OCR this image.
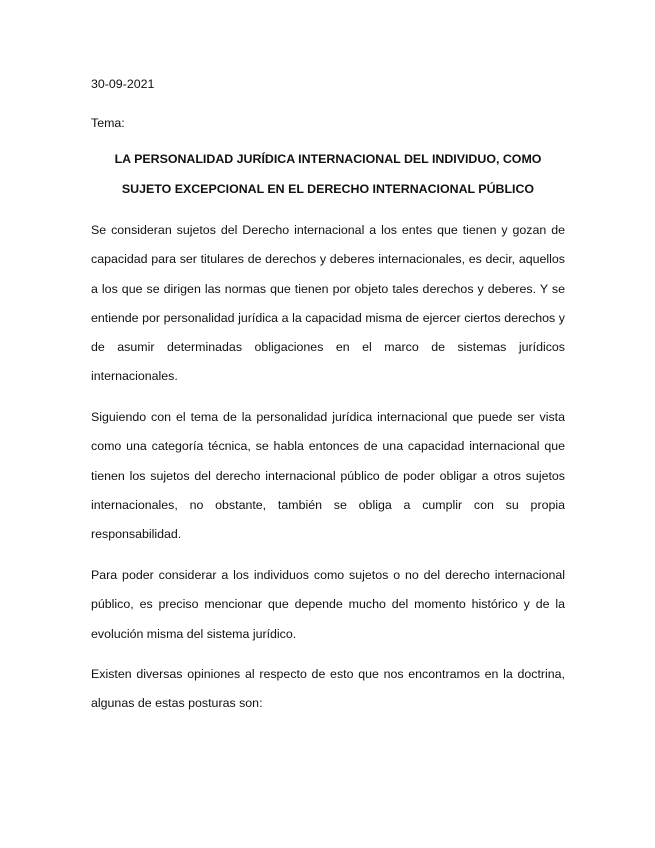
30-09-2021
Tema:
LA PERSONALIDAD JURÍDICA INTERNACIONAL DEL INDIVIDUO, COMO
SUJETO EXCEPCIONAL EN EL DERECHO INTERNACIONAL PÚBLICO

Se consideran sujetos del Derecho internacional a los entes que tienen y gozan de capacidad para ser titulares de derechos y deberes internacionales, es decir, aquellos a los que se dirigen las normas que tienen por objeto tales derechos y deberes. Y se entiende por personalidad jurídica a la capacidad misma de ejercer ciertos derechos y de asumir determinadas obligaciones en el marco de sistemas jurídicos internacionales.

Siguiendo con el tema de la personalidad jurídica internacional que puede ser vista como una categoría técnica, se habla entonces de una capacidad internacional que tienen los sujetos del derecho internacional público de poder obligar a otros sujetos internacionales, no obstante, también se obliga a cumplir con su propia responsabilidad.

Para poder considerar a los individuos como sujetos o no del derecho internacional público, es preciso mencionar que depende mucho del momento histórico y de la evolución misma del sistema jurídico.

Existen diversas opiniones al respecto de esto que nos encontramos en la doctrina, algunas de estas posturas son:
